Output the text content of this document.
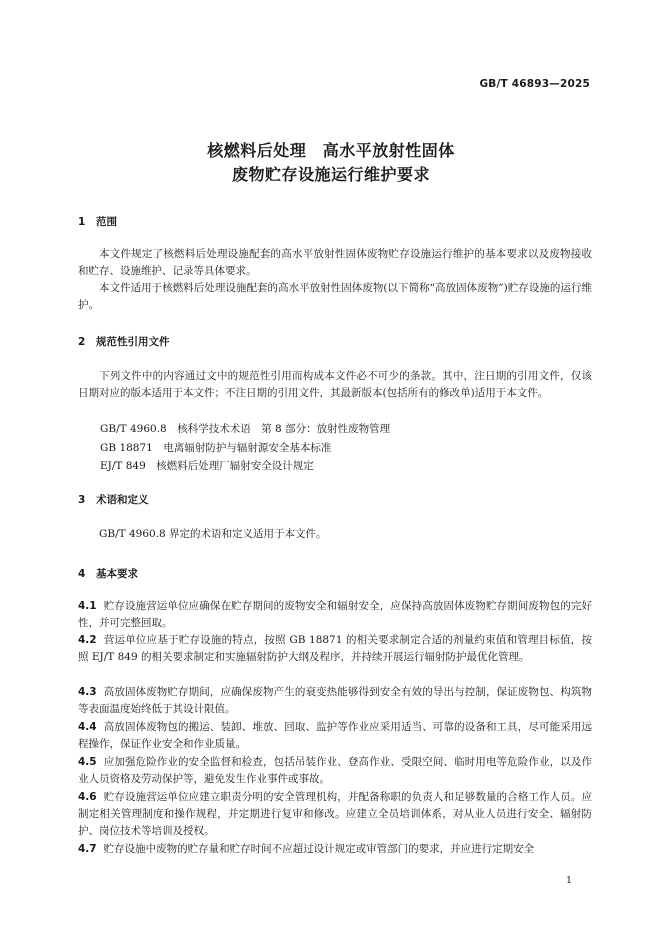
GB/T 46893—2025
核燃料后处理　高水平放射性固体
废物贮存设施运行维护要求
1 范围
本文件规定了核燃料后处理设施配套的高水平放射性固体废物贮存设施运行维护的基本要求以及废物接收和贮存、设施维护、记录等具体要求。
本文件适用于核燃料后处理设施配套的高水平放射性固体废物(以下简称“高放固体废物”)贮存设施的运行维护。
2 规范性引用文件
下列文件中的内容通过文中的规范性引用而构成本文件必不可少的条款。其中，注日期的引用文件，仅该日期对应的版本适用于本文件；不注日期的引用文件，其最新版本(包括所有的修改单)适用于本文件。
GB/T 4960.8　核科学技术术语　第 8 部分：放射性废物管理
GB 18871　电离辐射防护与辐射源安全基本标准
EJ/T 849　核燃料后处理厂辐射安全设计规定
3 术语和定义
GB/T 4960.8 界定的术语和定义适用于本文件。
4 基本要求
4.1 贮存设施营运单位应确保在贮存期间的废物安全和辐射安全，应保持高放固体废物贮存期间废物包的完好性，并可完整回取。
4.2 营运单位应基于贮存设施的特点，按照 GB 18871 的相关要求制定合适的剂量约束值和管理目标值，按照 EJ/T 849 的相关要求制定和实施辐射防护大纲及程序，并持续开展运行辐射防护最优化管理。
4.3 高放固体废物贮存期间，应确保废物产生的衰变热能够得到安全有效的导出与控制，保证废物包、构筑物等表面温度始终低于其设计限值。
4.4 高放固体废物包的搬运、装卸、堆放、回取、监护等作业应采用适当、可靠的设备和工具，尽可能采用远程操作，保证作业安全和作业质量。
4.5 应加强危险作业的安全监督和检查，包括吊装作业、登高作业、受限空间、临时用电等危险作业，以及作业人员资格及劳动保护等，避免发生作业事件或事故。
4.6 贮存设施营运单位应建立职责分明的安全管理机构，并配备称职的负责人和足够数量的合格工作人员。应制定相关管理制度和操作规程，并定期进行复审和修改。应建立全员培训体系，对从业人员进行安全、辐射防护、岗位技术等培训及授权。
4.7 贮存设施中废物的贮存量和贮存时间不应超过设计规定或审管部门的要求，并应进行定期安全
1
